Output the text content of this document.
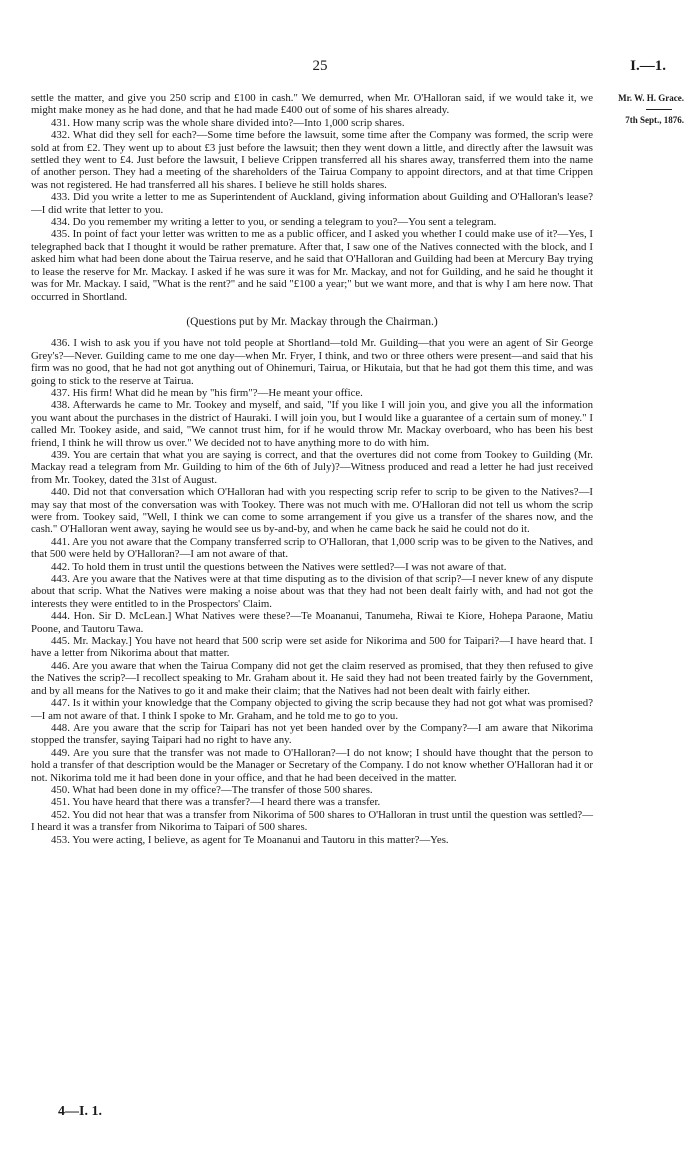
25	I.—1.
Mr. W. H. Grace.
7th Sept., 1876.

settle the matter, and give you 250 scrip and £100 in cash." We demurred, when Mr. O'Halloran said, if we would take it, we might make money as he had done, and that he had made £400 out of some of his shares already.

431. How many scrip was the whole share divided into?—Into 1,000 scrip shares.

432. What did they sell for each?—Some time before the lawsuit, some time after the Company was formed, the scrip were sold at from £2. They went up to about £3 just before the lawsuit; then they went down a little, and directly after the lawsuit was settled they went to £4. Just before the lawsuit, I believe Crippen transferred all his shares away, transferred them into the name of another person. They had a meeting of the shareholders of the Tairua Company to appoint directors, and at that time Crippen was not registered. He had transferred all his shares. I believe he still holds shares.

433. Did you write a letter to me as Superintendent of Auckland, giving information about Guilding and O'Halloran's lease?—I did write that letter to you.

434. Do you remember my writing a letter to you, or sending a telegram to you?—You sent a telegram.

435. In point of fact your letter was written to me as a public officer, and I asked you whether I could make use of it?—Yes, I telegraphed back that I thought it would be rather premature. After that, I saw one of the Natives connected with the block, and I asked him what had been done about the Tairua reserve, and he said that O'Halloran and Guilding had been at Mercury Bay trying to lease the reserve for Mr. Mackay. I asked if he was sure it was for Mr. Mackay, and not for Guilding, and he said he thought it was for Mr. Mackay. I said, "What is the rent?" and he said "£100 a year;" but we want more, and that is why I am here now. That occurred in Shortland.

(Questions put by Mr. Mackay through the Chairman.)

436. I wish to ask you if you have not told people at Shortland—told Mr. Guilding—that you were an agent of Sir George Grey's?—Never. Guilding came to me one day—when Mr. Fryer, I think, and two or three others were present—and said that his firm was no good, that he had not got anything out of Ohinemuri, Tairua, or Hikutaia, but that he had got them this time, and was going to stick to the reserve at Tairua.

437. His firm! What did he mean by "his firm"?—He meant your office.

438. Afterwards he came to Mr. Tookey and myself, and said, "If you like I will join you, and give you all the information you want about the purchases in the district of Hauraki. I will join you, but I would like a guarantee of a certain sum of money." I called Mr. Tookey aside, and said, "We cannot trust him, for if he would throw Mr. Mackay overboard, who has been his best friend, I think he will throw us over." We decided not to have anything more to do with him.

439. You are certain that what you are saying is correct, and that the overtures did not come from Tookey to Guilding (Mr. Mackay read a telegram from Mr. Guilding to him of the 6th of July)?—Witness produced and read a letter he had just received from Mr. Tookey, dated the 31st of August.

440. Did not that conversation which O'Halloran had with you respecting scrip refer to scrip to be given to the Natives?—I may say that most of the conversation was with Tookey. There was not much with me. O'Halloran did not tell us whom the scrip were from. Tookey said, "Well, I think we can come to some arrangement if you give us a transfer of the shares now, and the cash." O'Halloran went away, saying he would see us by-and-by, and when he came back he said he could not do it.

441. Are you not aware that the Company transferred scrip to O'Halloran, that 1,000 scrip was to be given to the Natives, and that 500 were held by O'Halloran?—I am not aware of that.

442. To hold them in trust until the questions between the Natives were settled?—I was not aware of that.

443. Are you aware that the Natives were at that time disputing as to the division of that scrip?—I never knew of any dispute about that scrip. What the Natives were making a noise about was that they had not been dealt fairly with, and had not got the interests they were entitled to in the Prospectors' Claim.

444. Hon. Sir D. McLean.] What Natives were these?—Te Moananui, Tanumeha, Riwai te Kiore, Hohepa Paraone, Matiu Poone, and Tautoru Tawa.

445. Mr. Mackay.] You have not heard that 500 scrip were set aside for Nikorima and 500 for Taipari?—I have heard that. I have a letter from Nikorima about that matter.

446. Are you aware that when the Tairua Company did not get the claim reserved as promised, that they then refused to give the Natives the scrip?—I recollect speaking to Mr. Graham about it. He said they had not been treated fairly by the Government, and by all means for the Natives to go it and make their claim; that the Natives had not been dealt with fairly either.

447. Is it within your knowledge that the Company objected to giving the scrip because they had not got what was promised?—I am not aware of that. I think I spoke to Mr. Graham, and he told me to go to you.

448. Are you aware that the scrip for Taipari has not yet been handed over by the Company?—I am aware that Nikorima stopped the transfer, saying Taipari had no right to have any.

449. Are you sure that the transfer was not made to O'Halloran?—I do not know; I should have thought that the person to hold a transfer of that description would be the Manager or Secretary of the Company. I do not know whether O'Halloran had it or not. Nikorima told me it had been done in your office, and that he had been deceived in the matter.

450. What had been done in my office?—The transfer of those 500 shares.

451. You have heard that there was a transfer?—I heard there was a transfer.

452. You did not hear that was a transfer from Nikorima of 500 shares to O'Halloran in trust until the question was settled?—I heard it was a transfer from Nikorima to Taipari of 500 shares.

453. You were acting, I believe, as agent for Te Moananui and Tautoru in this matter?—Yes.

4—I. 1.
